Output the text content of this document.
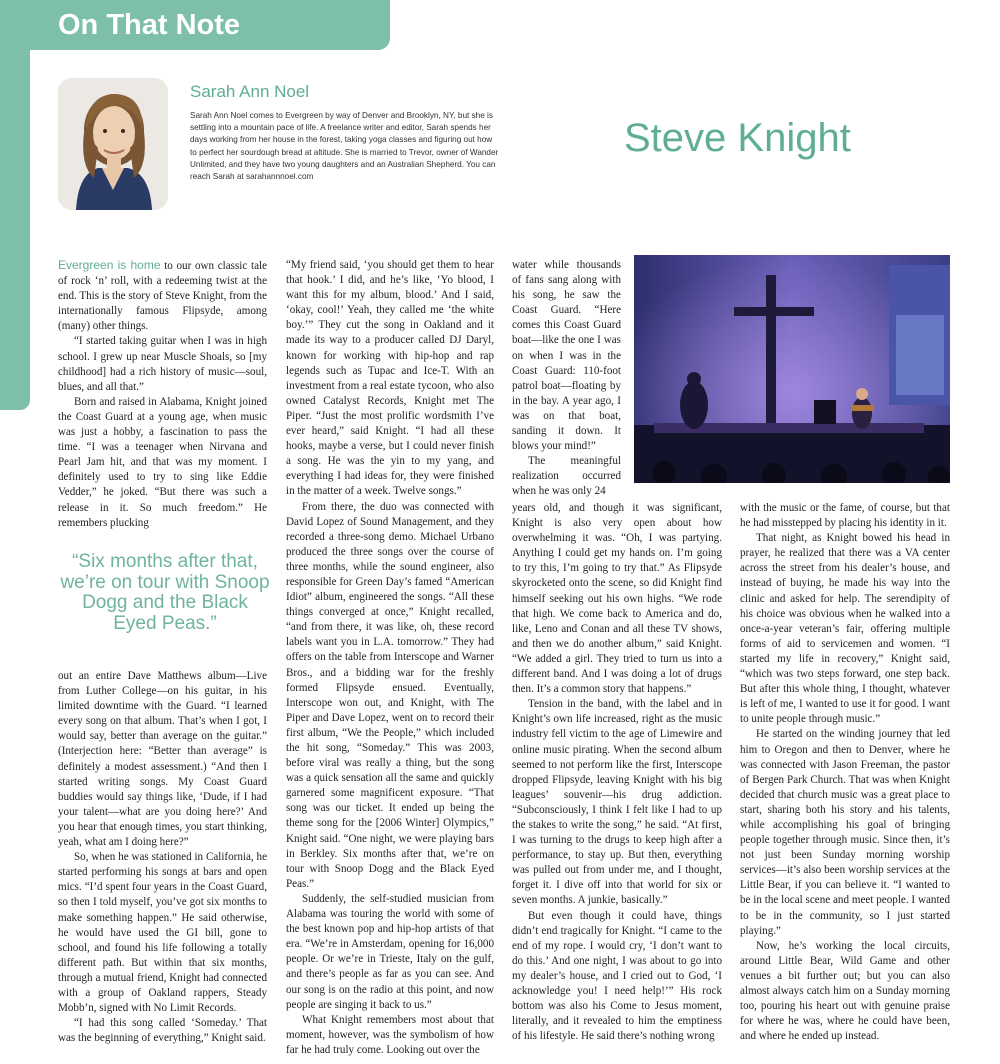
On That Note
Sarah Ann Noel
Sarah Ann Noel comes to Evergreen by way of Denver and Brooklyn, NY, but she is settling into a mountain pace of life. A freelance writer and editor, Sarah spends her days working from her house in the forest, taking yoga classes and figuring out how to perfect her sourdough bread at altitude. She is married to Trevor, owner of Wander Unlimited, and they have two young daughters and an Australian Shepherd. You can reach Sarah at sarahannnoel.com
Steve Knight

Evergreen is home to our own classic tale of rock ‘n’ roll, with a redeeming twist at the end. This is the story of Steve Knight, from the internationally famous Flipsyde, among (many) other things.

“I started taking guitar when I was in high school. I grew up near Muscle Shoals, so [my childhood] had a rich history of music—soul, blues, and all that.”

Born and raised in Alabama, Knight joined the Coast Guard at a young age, when music was just a hobby, a fascination to pass the time. “I was a teenager when Nirvana and Pearl Jam hit, and that was my moment. I definitely used to try to sing like Eddie Vedder,” he joked. “But there was such a release in it. So much freedom.” He remembers plucking

“Six months after that, we’re on tour with Snoop Dogg and the Black Eyed Peas.”

out an entire Dave Matthews album—Live from Luther College—on his guitar, in his limited downtime with the Guard. “I learned every song on that album. That’s when I got, I would say, better than average on the guitar.” (Interjection here: “Better than average” is definitely a modest assessment.) “And then I started writing songs. My Coast Guard buddies would say things like, ‘Dude, if I had your talent—what are you doing here?’ And you hear that enough times, you start thinking, yeah, what am I doing here?”

So, when he was stationed in California, he started performing his songs at bars and open mics. “I’d spent four years in the Coast Guard, so then I told myself, you’ve got six months to make something happen.” He said otherwise, he would have used the GI bill, gone to school, and found his life following a totally different path. But within that six months, through a mutual friend, Knight had connected with a group of Oakland rappers, Steady Mobb’n, signed with No Limit Records.

“I had this song called ‘Someday.’ That was the beginning of everything,” Knight said.

“My friend said, ‘you should get them to hear that hook.’ I did, and he’s like, ‘Yo blood, I want this for my album, blood.’ And I said, ‘okay, cool!’ Yeah, they called me ‘the white boy.’” They cut the song in Oakland and it made its way to a producer called DJ Daryl, known for working with hip-hop and rap legends such as Tupac and Ice-T. With an investment from a real estate tycoon, who also owned Catalyst Records, Knight met The Piper. “Just the most prolific wordsmith I’ve ever heard,” said Knight. “I had all these hooks, maybe a verse, but I could never finish a song. He was the yin to my yang, and everything I had ideas for, they were finished in the matter of a week. Twelve songs.”

From there, the duo was connected with David Lopez of Sound Management, and they recorded a three-song demo. Michael Urbano produced the three songs over the course of three months, while the sound engineer, also responsible for Green Day’s famed “American Idiot” album, engineered the songs. “All these things converged at once,” Knight recalled, “and from there, it was like, oh, these record labels want you in L.A. tomorrow.” They had offers on the table from Interscope and Warner Bros., and a bidding war for the freshly formed Flipsyde ensued. Eventually, Interscope won out, and Knight, with The Piper and Dave Lopez, went on to record their first album, “We the People,” which included the hit song, “Someday.” This was 2003, before viral was really a thing, but the song was a quick sensation all the same and quickly garnered some magnificent exposure. “That song was our ticket. It ended up being the theme song for the [2006 Winter] Olympics,” Knight said. “One night, we were playing bars in Berkley. Six months after that, we’re on tour with Snoop Dogg and the Black Eyed Peas.”

Suddenly, the self-studied musician from Alabama was touring the world with some of the best known pop and hip-hop artists of that era. “We’re in Amsterdam, opening for 16,000 people. Or we’re in Trieste, Italy on the gulf, and there’s people as far as you can see. And our song is on the radio at this point, and now people are singing it back to us.”

What Knight remembers most about that moment, however, was the symbolism of how far he had truly come. Looking out over the

water while thousands of fans sang along with his song, he saw the Coast Guard. “Here comes this Coast Guard boat—like the one I was on when I was in the Coast Guard: 110-foot patrol boat—floating by in the bay. A year ago, I was on that boat, sanding it down. It blows your mind!”

The meaningful realization occurred when he was only 24

years old, and though it was significant, Knight is also very open about how overwhelming it was. “Oh, I was partying. Anything I could get my hands on. I’m going to try this, I’m going to try that.” As Flipsyde skyrocketed onto the scene, so did Knight find himself seeking out his own highs. “We rode that high. We come back to America and do, like, Leno and Conan and all these TV shows, and then we do another album,” said Knight. “We added a girl. They tried to turn us into a different band. And I was doing a lot of drugs then. It’s a common story that happens.”

Tension in the band, with the label and in Knight’s own life increased, right as the music industry fell victim to the age of Limewire and online music pirating. When the second album seemed to not perform like the first, Interscope dropped Flipsyde, leaving Knight with his big leagues’ souvenir—his drug addiction. “Subconsciously, I think I felt like I had to up the stakes to write the song,” he said. “At first, I was turning to the drugs to keep high after a performance, to stay up. But then, everything was pulled out from under me, and I thought, forget it. I dive off into that world for six or seven months. A junkie, basically.”

But even though it could have, things didn’t end tragically for Knight. “I came to the end of my rope. I would cry, ‘I don’t want to do this.’ And one night, I was about to go into my dealer’s house, and I cried out to God, ‘I acknowledge you! I need help!’” His rock bottom was also his Come to Jesus moment, literally, and it revealed to him the emptiness of his lifestyle. He said there’s nothing wrong

with the music or the fame, of course, but that he had misstepped by placing his identity in it.

That night, as Knight bowed his head in prayer, he realized that there was a VA center across the street from his dealer’s house, and instead of buying, he made his way into the clinic and asked for help. The serendipity of his choice was obvious when he walked into a once-a-year veteran’s fair, offering multiple forms of aid to servicemen and women. “I started my life in recovery,” Knight said, “which was two steps forward, one step back. But after this whole thing, I thought, whatever is left of me, I wanted to use it for good. I want to unite people through music.”

He started on the winding journey that led him to Oregon and then to Denver, where he was connected with Jason Freeman, the pastor of Bergen Park Church. That was when Knight decided that church music was a great place to start, sharing both his story and his talents, while accomplishing his goal of bringing people together through music. Since then, it’s not just been Sunday morning worship services—it’s also been worship services at the Little Bear, if you can believe it. “I wanted to be in the local scene and meet people. I wanted to be in the community, so I just started playing.”

Now, he’s working the local circuits, around Little Bear, Wild Game and other venues a bit further out; but you can also almost always catch him on a Sunday morning too, pouring his heart out with genuine praise for where he was, where he could have been, and where he ended up instead.
